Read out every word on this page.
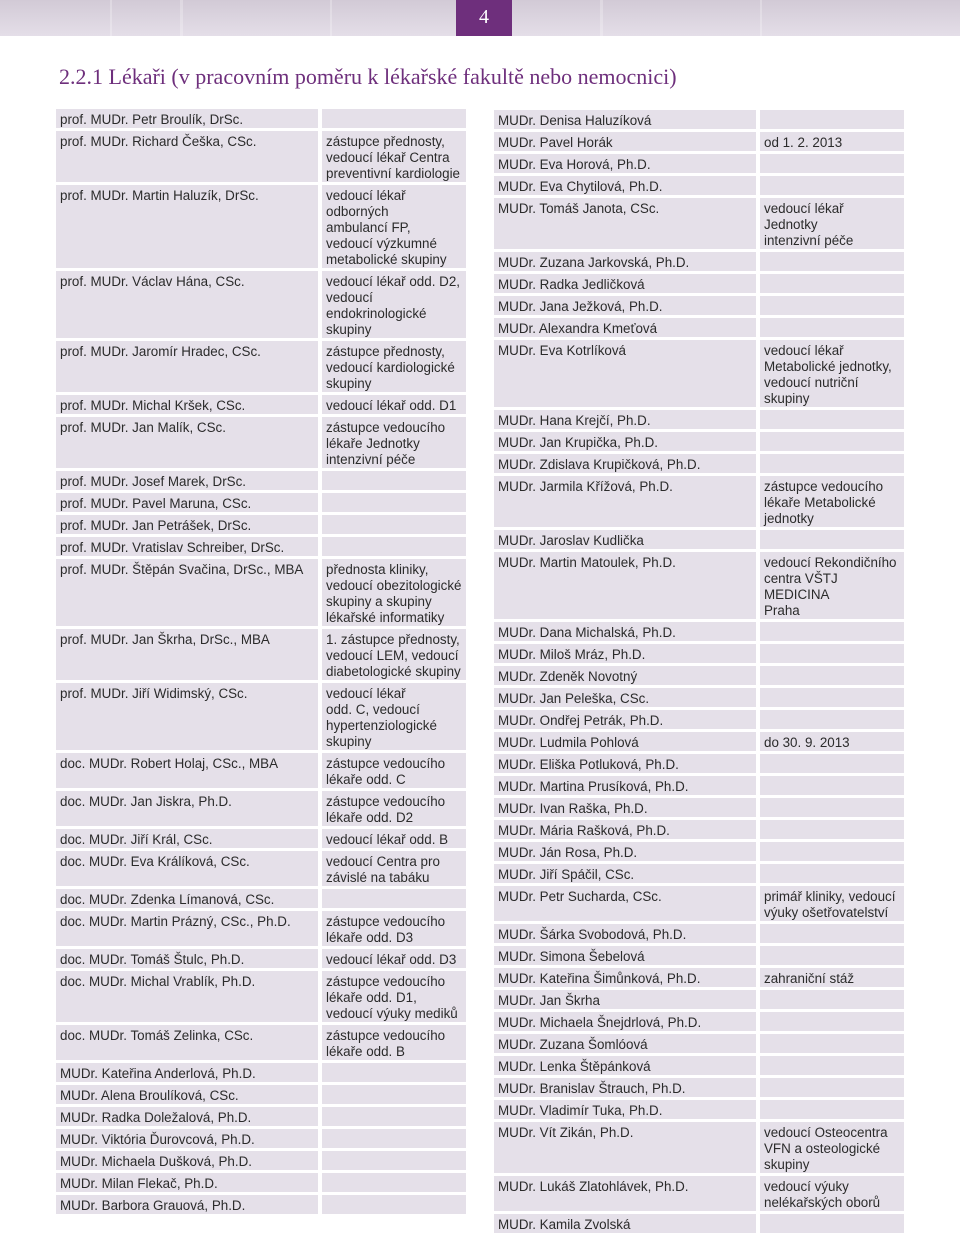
4
2.2.1 Lékaři (v pracovním poměru k lékařské fakultě nebo nemocnici)
prof. MUDr. Petr Broulík, DrSc.	
prof. MUDr. Richard Češka, CSc.	zástupce přednosty,
vedoucí lékař Centra
preventivní kardiologie
prof. MUDr. Martin Haluzík, DrSc.	vedoucí lékař odborných
ambulancí FP,
vedoucí výzkumné
metabolické skupiny
prof. MUDr. Václav Hána, CSc.	vedoucí lékař odd. D2,
vedoucí
endokrinologické
skupiny
prof. MUDr. Jaromír Hradec, CSc.	zástupce přednosty,
vedoucí kardiologické
skupiny
prof. MUDr. Michal Kršek, CSc.	vedoucí lékař odd. D1
prof. MUDr. Jan Malík, CSc.	zástupce vedoucího
lékaře Jednotky
intenzivní péče
prof. MUDr. Josef Marek, DrSc.	
prof. MUDr. Pavel Maruna, CSc.	
prof. MUDr. Jan Petrášek, DrSc.	
prof. MUDr. Vratislav Schreiber, DrSc.	
prof. MUDr. Štěpán Svačina, DrSc., MBA	přednosta kliniky,
vedoucí obezitologické
skupiny a skupiny
lékařské informatiky
prof. MUDr. Jan Škrha, DrSc., MBA	1. zástupce přednosty,
vedoucí LEM, vedoucí
diabetologické skupiny
prof. MUDr. Jiří Widimský, CSc.	vedoucí lékař
odd. C, vedoucí
hypertenziologické
skupiny
doc. MUDr. Robert Holaj, CSc., MBA	zástupce vedoucího
lékaře odd. C
doc. MUDr. Jan Jiskra, Ph.D.	zástupce vedoucího
lékaře odd. D2
doc. MUDr. Jiří Král, CSc.	vedoucí lékař odd. B
doc. MUDr. Eva Králíková, CSc.	vedoucí Centra pro
závislé na tabáku
doc. MUDr. Zdenka Límanová, CSc.	
doc. MUDr. Martin Prázný, CSc., Ph.D.	zástupce vedoucího
lékaře odd. D3
doc. MUDr. Tomáš Štulc, Ph.D.	vedoucí lékař odd. D3
doc. MUDr. Michal Vrablík, Ph.D.	zástupce vedoucího
lékaře odd. D1,
vedoucí výuky mediků
doc. MUDr. Tomáš Zelinka, CSc.	zástupce vedoucího
lékaře odd. B
MUDr. Kateřina Anderlová, Ph.D.	
MUDr. Alena Broulíková, CSc.	
MUDr. Radka Doležalová, Ph.D.	
MUDr. Viktória Ďurovcová, Ph.D.	
MUDr. Michaela Dušková, Ph.D.	
MUDr. Milan Flekač, Ph.D.	
MUDr. Barbora Grauová, Ph.D.	
MUDr. Denisa Haluzíková	
MUDr. Pavel Horák	od 1. 2. 2013
MUDr. Eva Horová, Ph.D.	
MUDr. Eva Chytilová, Ph.D.	
MUDr. Tomáš Janota, CSc.	vedoucí lékař Jednotky
intenzivní péče
MUDr. Zuzana Jarkovská, Ph.D.	
MUDr. Radka Jedličková	
MUDr. Jana Ježková, Ph.D.	
MUDr. Alexandra Kmeťová	
MUDr. Eva Kotrlíková	vedoucí lékař
Metabolické jednotky,
vedoucí nutriční
skupiny
MUDr. Hana Krejčí, Ph.D.	
MUDr. Jan Krupička, Ph.D.	
MUDr. Zdislava Krupičková, Ph.D.	
MUDr. Jarmila Křížová, Ph.D.	zástupce vedoucího
lékaře Metabolické
jednotky
MUDr. Jaroslav Kudlička	
MUDr. Martin Matoulek, Ph.D.	vedoucí Rekondičního
centra VŠTJ MEDICINA
Praha
MUDr. Dana Michalská, Ph.D.	
MUDr. Miloš Mráz, Ph.D.	
MUDr. Zdeněk Novotný	
MUDr. Jan Peleška, CSc.	
MUDr. Ondřej Petrák, Ph.D.	
MUDr. Ludmila Pohlová	do 30. 9. 2013
MUDr. Eliška Potluková, Ph.D.	
MUDr. Martina Prusíková, Ph.D.	
MUDr. Ivan Raška, Ph.D.	
MUDr. Mária Rašková, Ph.D.	
MUDr. Ján Rosa, Ph.D.	
MUDr. Jiří Spáčil, CSc.	
MUDr. Petr Sucharda, CSc.	primář kliniky, vedoucí
výuky ošetřovatelství
MUDr. Šárka Svobodová, Ph.D.	
MUDr. Simona Šebelová	
MUDr. Kateřina Šimůnková, Ph.D.	zahraniční stáž
MUDr. Jan Škrha	
MUDr. Michaela Šnejdrlová, Ph.D.	
MUDr. Zuzana Šomlóová	
MUDr. Lenka Štěpánková	
MUDr. Branislav Štrauch, Ph.D.	
MUDr. Vladimír Tuka, Ph.D.	
MUDr. Vít Zikán, Ph.D.	vedoucí Osteocentra
VFN a osteologické
skupiny
MUDr. Lukáš Zlatohlávek, Ph.D.	vedoucí výuky
nelékařských oborů
MUDr. Kamila Zvolská	
